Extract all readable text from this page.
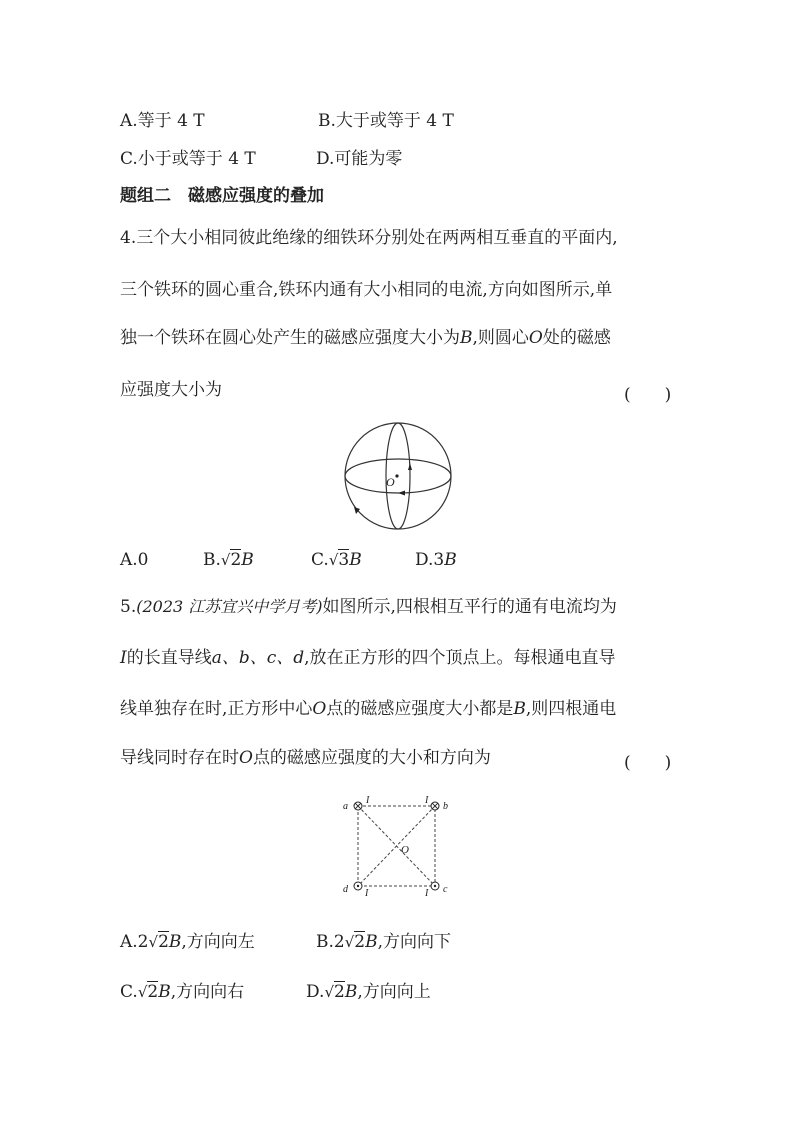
A.等于 4 T	B.大于或等于 4 T
C.小于或等于 4 T	D.可能为零
题组二　磁感应强度的叠加
4.三个大小相同彼此绝缘的细铁环分别处在两两相互垂直的平面内,
三个铁环的圆心重合,铁环内通有大小相同的电流,方向如图所示,单
独一个铁环在圆心处产生的磁感应强度大小为B,则圆心O处的磁感
应强度大小为	(　　)
O
A.0	B.√2B	C.√3B	D.3B
5.(2023 江苏宜兴中学月考)如图所示,四根相互平行的通有电流均为
I的长直导线a、b、c、d,放在正方形的四个顶点上。每根通电直导
线单独存在时,正方形中心O点的磁感应强度大小都是B,则四根通电
导线同时存在时O点的磁感应强度的大小和方向为	(　　)
a
I	I
b
O
d I	I c
A.2√2B,方向向左	B.2√2B,方向向下
C.√2B,方向向右	D.√2B,方向向上
